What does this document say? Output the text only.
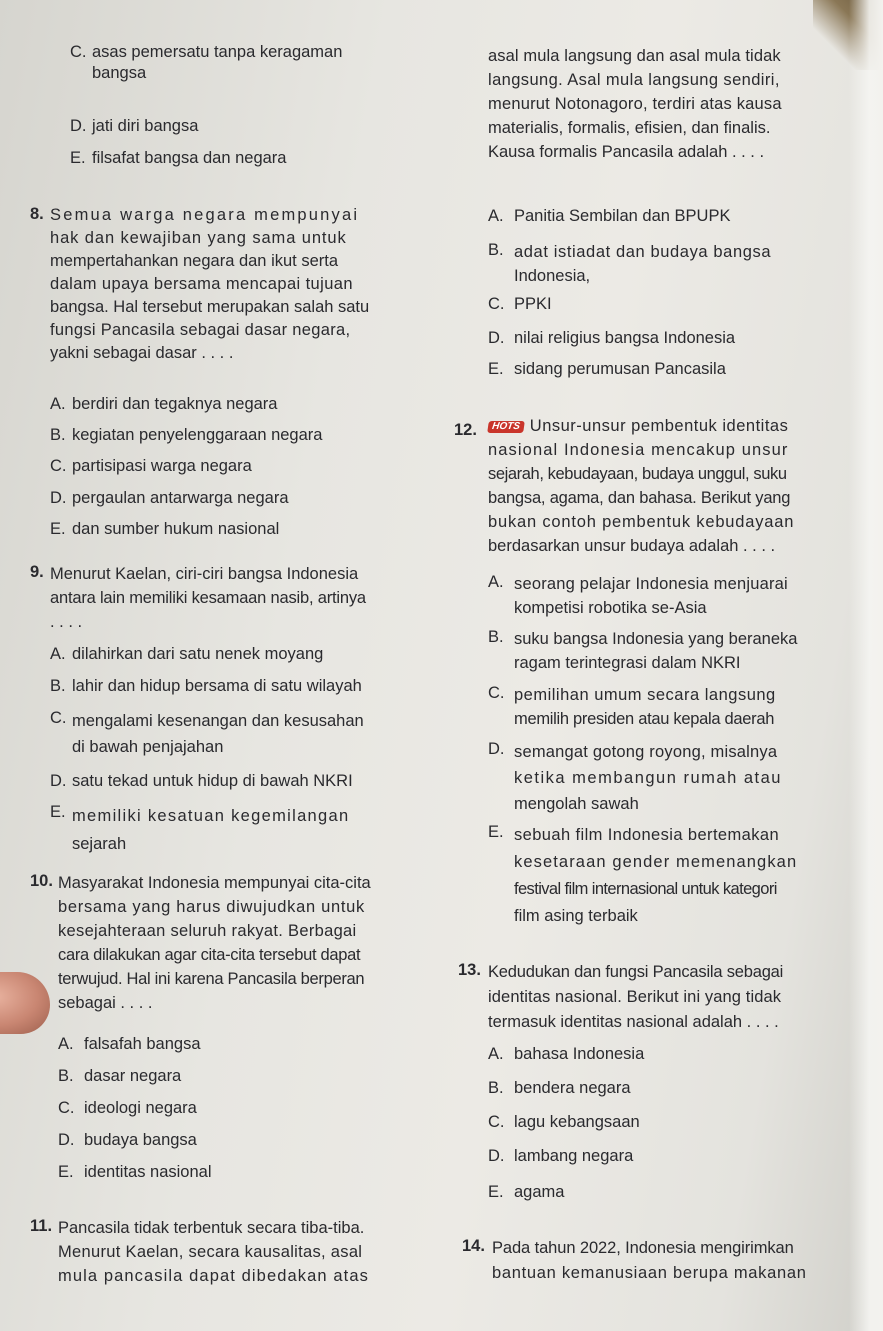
C. asas pemersatu tanpa keragaman
bangsa
D. jati diri bangsa
E. filsafat bangsa dan negara
8. Semua warga negara mempunyai
hak dan kewajiban yang sama untuk
mempertahankan negara dan ikut serta
dalam upaya bersama mencapai tujuan
bangsa. Hal tersebut merupakan salah satu
fungsi Pancasila sebagai dasar negara,
yakni sebagai dasar . . . .
A. berdiri dan tegaknya negara
B. kegiatan penyelenggaraan negara
C. partisipasi warga negara
D. pergaulan antarwarga negara
E. dan sumber hukum nasional
9. Menurut Kaelan, ciri-ciri bangsa Indonesia
antara lain memiliki kesamaan nasib, artinya
. . . .
A. dilahirkan dari satu nenek moyang
B. lahir dan hidup bersama di satu wilayah
C. mengalami kesenangan dan kesusahan
di bawah penjajahan
D. satu tekad untuk hidup di bawah NKRI
E. memiliki kesatuan kegemilangan
sejarah
10. Masyarakat Indonesia mempunyai cita-cita
bersama yang harus diwujudkan untuk
kesejahteraan seluruh rakyat. Berbagai
cara dilakukan agar cita-cita tersebut dapat
terwujud. Hal ini karena Pancasila berperan
sebagai . . . .
A. falsafah bangsa
B. dasar negara
C. ideologi negara
D. budaya bangsa
E. identitas nasional
11. Pancasila tidak terbentuk secara tiba-tiba.
Menurut Kaelan, secara kausalitas, asal
mula pancasila dapat dibedakan atas
asal mula langsung dan asal mula tidak
langsung. Asal mula langsung sendiri,
menurut Notonagoro, terdiri atas kausa
materialis, formalis, efisien, dan finalis.
Kausa formalis Pancasila adalah . . . .
A. Panitia Sembilan dan BPUPK
B. adat istiadat dan budaya bangsa
Indonesia,
C. PPKI
D. nilai religius bangsa Indonesia
E. sidang perumusan Pancasila
12.	HOTS Unsur-unsur pembentuk identitas
nasional Indonesia mencakup unsur
sejarah, kebudayaan, budaya unggul, suku
bangsa, agama, dan bahasa. Berikut yang
bukan contoh pembentuk kebudayaan
berdasarkan unsur budaya adalah . . . .
A. seorang pelajar Indonesia menjuarai
kompetisi robotika se-Asia
B. suku bangsa Indonesia yang beraneka
ragam terintegrasi dalam NKRI
C. pemilihan umum secara langsung
memilih presiden atau kepala daerah
D. semangat gotong royong, misalnya
ketika membangun rumah atau
mengolah sawah
E. sebuah film Indonesia bertemakan
kesetaraan gender memenangkan
festival film internasional untuk kategori
film asing terbaik
13. Kedudukan dan fungsi Pancasila sebagai
identitas nasional. Berikut ini yang tidak
termasuk identitas nasional adalah . . . .
A. bahasa Indonesia
B. bendera negara
C. lagu kebangsaan
D. lambang negara
E. agama
14. Pada tahun 2022, Indonesia mengirimkan
bantuan kemanusiaan berupa makanan
